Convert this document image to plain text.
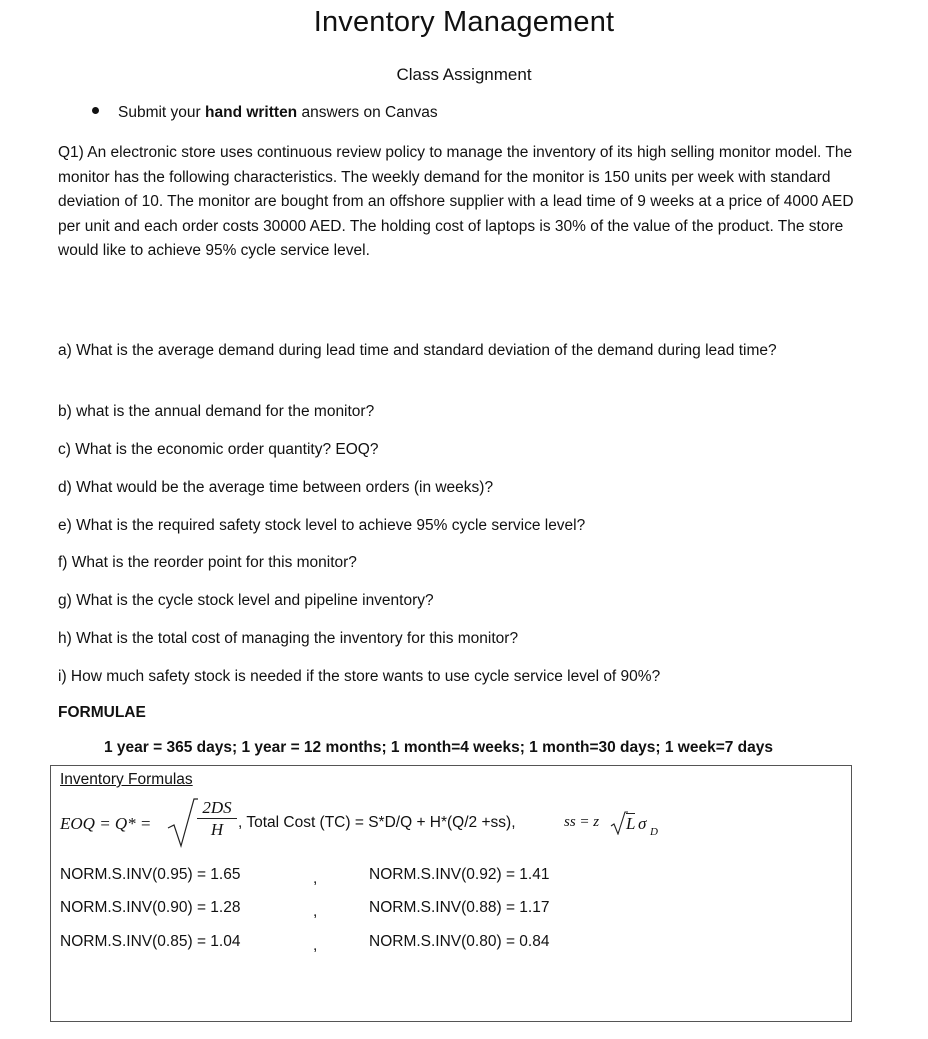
Inventory Management
Class Assignment
Submit your hand written answers on Canvas
Q1) An electronic store uses continuous review policy to manage the inventory of its high selling monitor model. The monitor has the following characteristics. The weekly demand for the monitor is 150 units per week with standard deviation of 10. The monitor are bought from an offshore supplier with a lead time of 9 weeks at a price of 4000 AED per unit and each order costs 30000 AED. The holding cost of laptops is 30% of the value of the product. The store would like to achieve 95% cycle service level.
a) What is the average demand during lead time and standard deviation of the demand during lead time?
b) what is the annual demand for the monitor?
c) What is the economic order quantity? EOQ?
d) What would be the average time between orders (in weeks)?
e) What is the required safety stock level to achieve 95% cycle service level?
f) What is the reorder point for this monitor?
g) What is the cycle stock level and pipeline inventory?
h) What is the total cost of managing the inventory for this monitor?
i) How much safety stock is needed if the store wants to use cycle service level of 90%?
FORMULAE
1 year = 365 days; 1 year = 12 months; 1 month=4 weeks; 1 month=30 days; 1 week=7 days
Inventory Formulas
EOQ = Q* =	$\frac{2DS}{H}$ , Total Cost (TC) = S*D/Q + H*(Q/2 +ss),	ss = z L σ D
NORM.S.INV(0.95) = 1.65	,	NORM.S.INV(0.92) = 1.41
NORM.S.INV(0.90) = 1.28	,	NORM.S.INV(0.88) = 1.17
NORM.S.INV(0.85) = 1.04	,	NORM.S.INV(0.80) = 0.84
